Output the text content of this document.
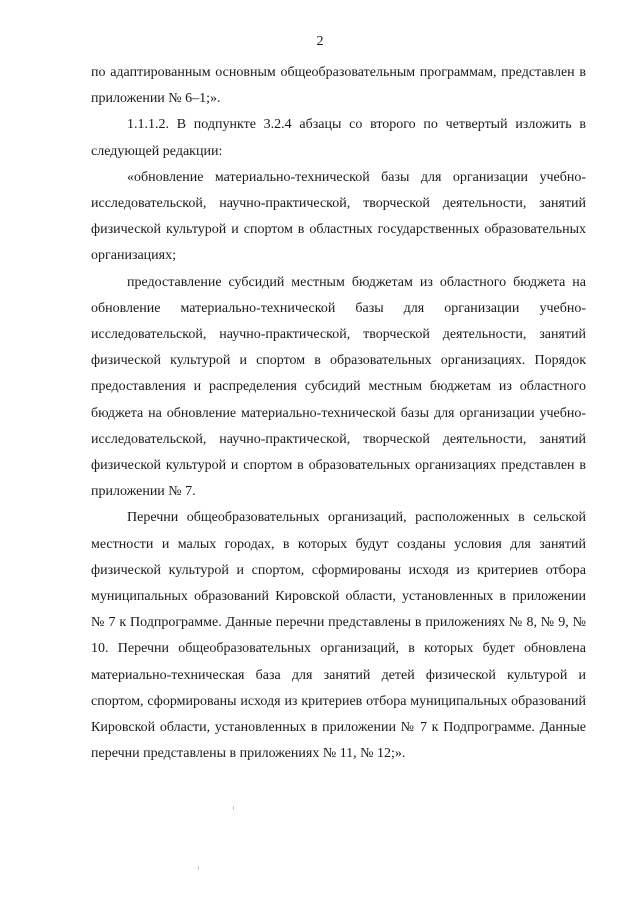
2

по адаптированным основным общеобразовательным программам, представлен в приложении № 6–1;».

1.1.1.2. В подпункте 3.2.4 абзацы со второго по четвертый изложить в следующей редакции:

«обновление материально-технической базы для организации учебно-исследовательской, научно-практической, творческой деятельности, занятий физической культурой и спортом в областных государственных образовательных организациях;

предоставление субсидий местным бюджетам из областного бюджета на обновление материально-технической базы для организации учебно-исследовательской, научно-практической, творческой деятельности, занятий физической культурой и спортом в образовательных организациях. Порядок предоставления и распределения субсидий местным бюджетам из областного бюджета на обновление материально-технической базы для организации учебно-исследовательской, научно-практической, творческой деятельности, занятий физической культурой и спортом в образовательных организациях представлен в приложении № 7.

Перечни общеобразовательных организаций, расположенных в сельской местности и малых городах, в которых будут созданы условия для занятий физической культурой и спортом, сформированы исходя из критериев отбора муниципальных образований Кировской области, установленных в приложении № 7 к Подпрограмме. Данные перечни представлены в приложениях № 8, № 9, № 10. Перечни общеобразовательных организаций, в которых будет обновлена материально-техническая база для занятий детей физической культурой и спортом, сформированы исходя из критериев отбора муниципальных образований Кировской области, установленных в приложении № 7 к Подпрограмме. Данные перечни представлены в приложениях № 11, № 12;».
